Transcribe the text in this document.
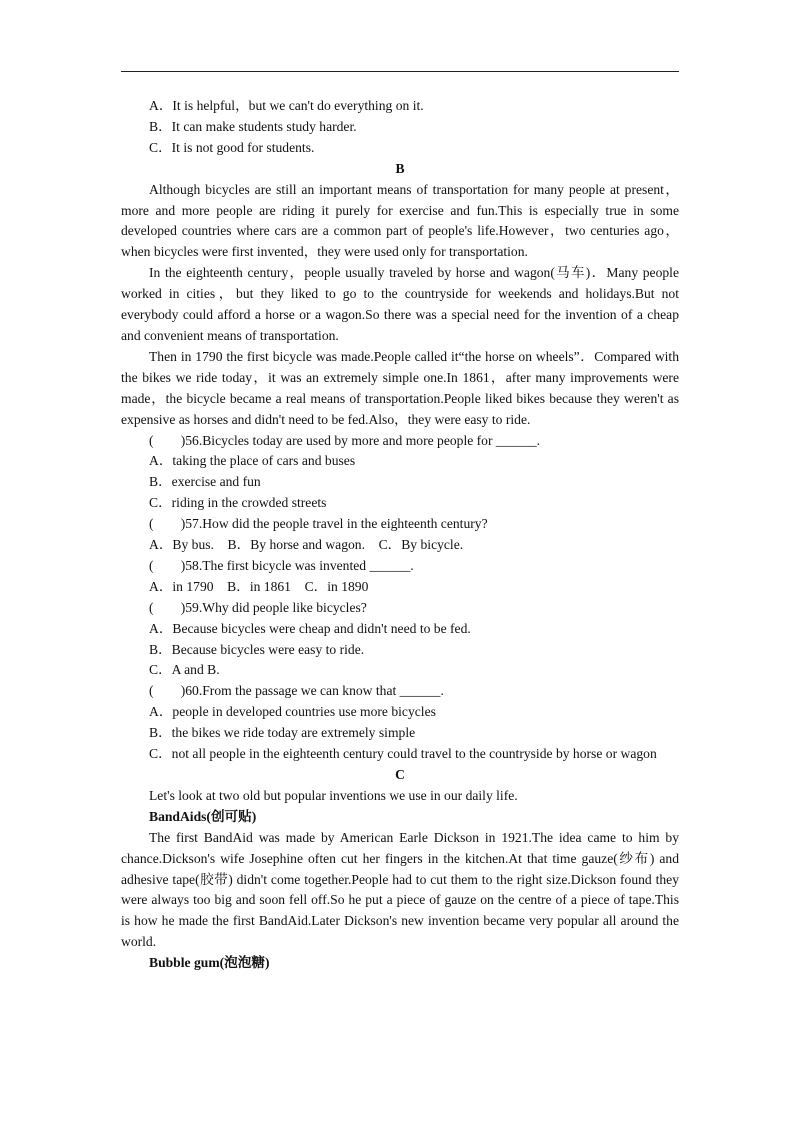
A．It is helpful，but we can't do everything on it.
B．It can make students study harder.
C．It is not good for students.
B

Although bicycles are still an important means of transportation for many people at present，more and more people are riding it purely for exercise and fun.This is especially true in some developed countries where cars are a common part of people's life.However，two centuries ago，when bicycles were first invented，they were used only for transportation.

In the eighteenth century，people usually traveled by horse and wagon(马车)．Many people worked in cities，but they liked to go to the countryside for weekends and holidays.But not everybody could afford a horse or a wagon.So there was a special need for the invention of a cheap and convenient means of transportation.

Then in 1790 the first bicycle was made.People called it“the horse on wheels”．Compared with the bikes we ride today，it was an extremely simple one.In 1861，after many improvements were made，the bicycle became a real means of transportation.People liked bikes because they weren't as expensive as horses and didn't need to be fed.Also，they were easy to ride.

(　　)56.Bicycles today are used by more and more people for ______.
A．taking the place of cars and buses
B．exercise and fun
C．riding in the crowded streets
(　　)57.How did the people travel in the eighteenth century?
A．By bus.　B．By horse and wagon.　C．By bicycle.
(　　)58.The first bicycle was invented ______.
A．in 1790　B．in 1861　C．in 1890
(　　)59.Why did people like bicycles?
A．Because bicycles were cheap and didn't need to be fed.
B．Because bicycles were easy to ride.
C．A and B.
(　　)60.From the passage we can know that ______.
A．people in developed countries use more bicycles
B．the bikes we ride today are extremely simple

C．not all people in the eighteenth century could travel to the countryside by horse or wagon

C
Let's look at two old but popular inventions we use in our daily life.
BandAids(创可贴)

The first BandAid was made by American Earle Dickson in 1921.The idea came to him by chance.Dickson's wife Josephine often cut her fingers in the kitchen.At that time gauze(纱布) and adhesive tape(胶带) didn't come together.People had to cut them to the right size.Dickson found they were always too big and soon fell off.So he put a piece of gauze on the centre of a piece of tape.This is how he made the first BandAid.Later Dickson's new invention became very popular all around the world.

Bubble gum(泡泡糖)
